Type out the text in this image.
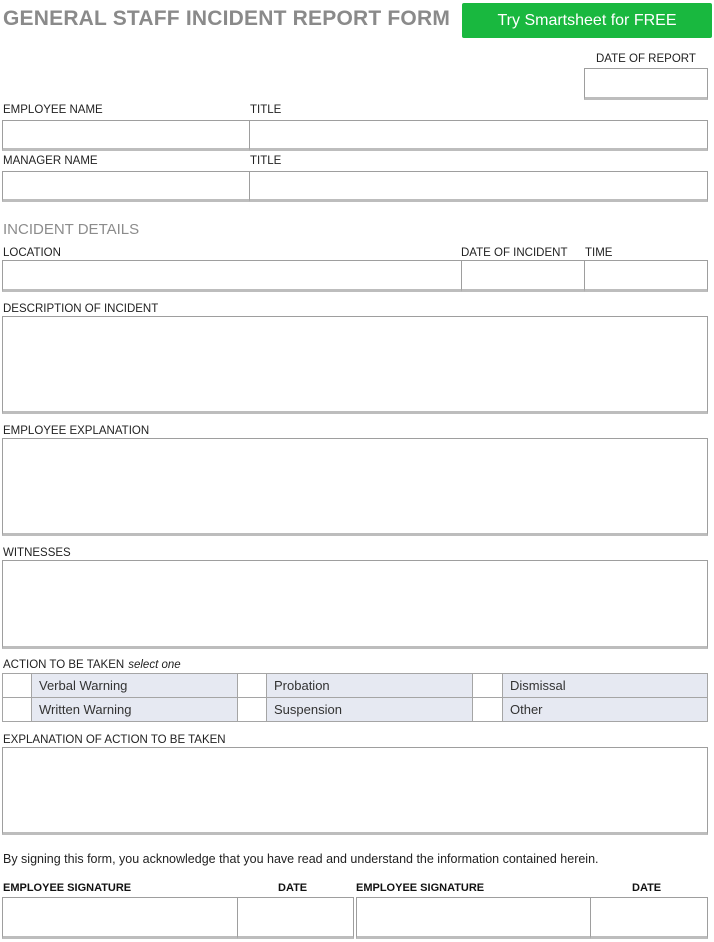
GENERAL STAFF INCIDENT REPORT FORM	Try Smartsheet for FREE
DATE OF REPORT
EMPLOYEE NAME	TITLE
MANAGER NAME	TITLE
INCIDENT DETAILS
LOCATION	DATE OF INCIDENT TIME
DESCRIPTION OF INCIDENT
EMPLOYEE EXPLANATION
WITNESSES
ACTION TO BE TAKEN select one
Verbal Warning	Probation	Dismissal
Written Warning	Suspension	Other
EXPLANATION OF ACTION TO BE TAKEN
By signing this form, you acknowledge that you have read and understand the information contained herein.
EMPLOYEE SIGNATURE	DATE	EMPLOYEE SIGNATURE	DATE
